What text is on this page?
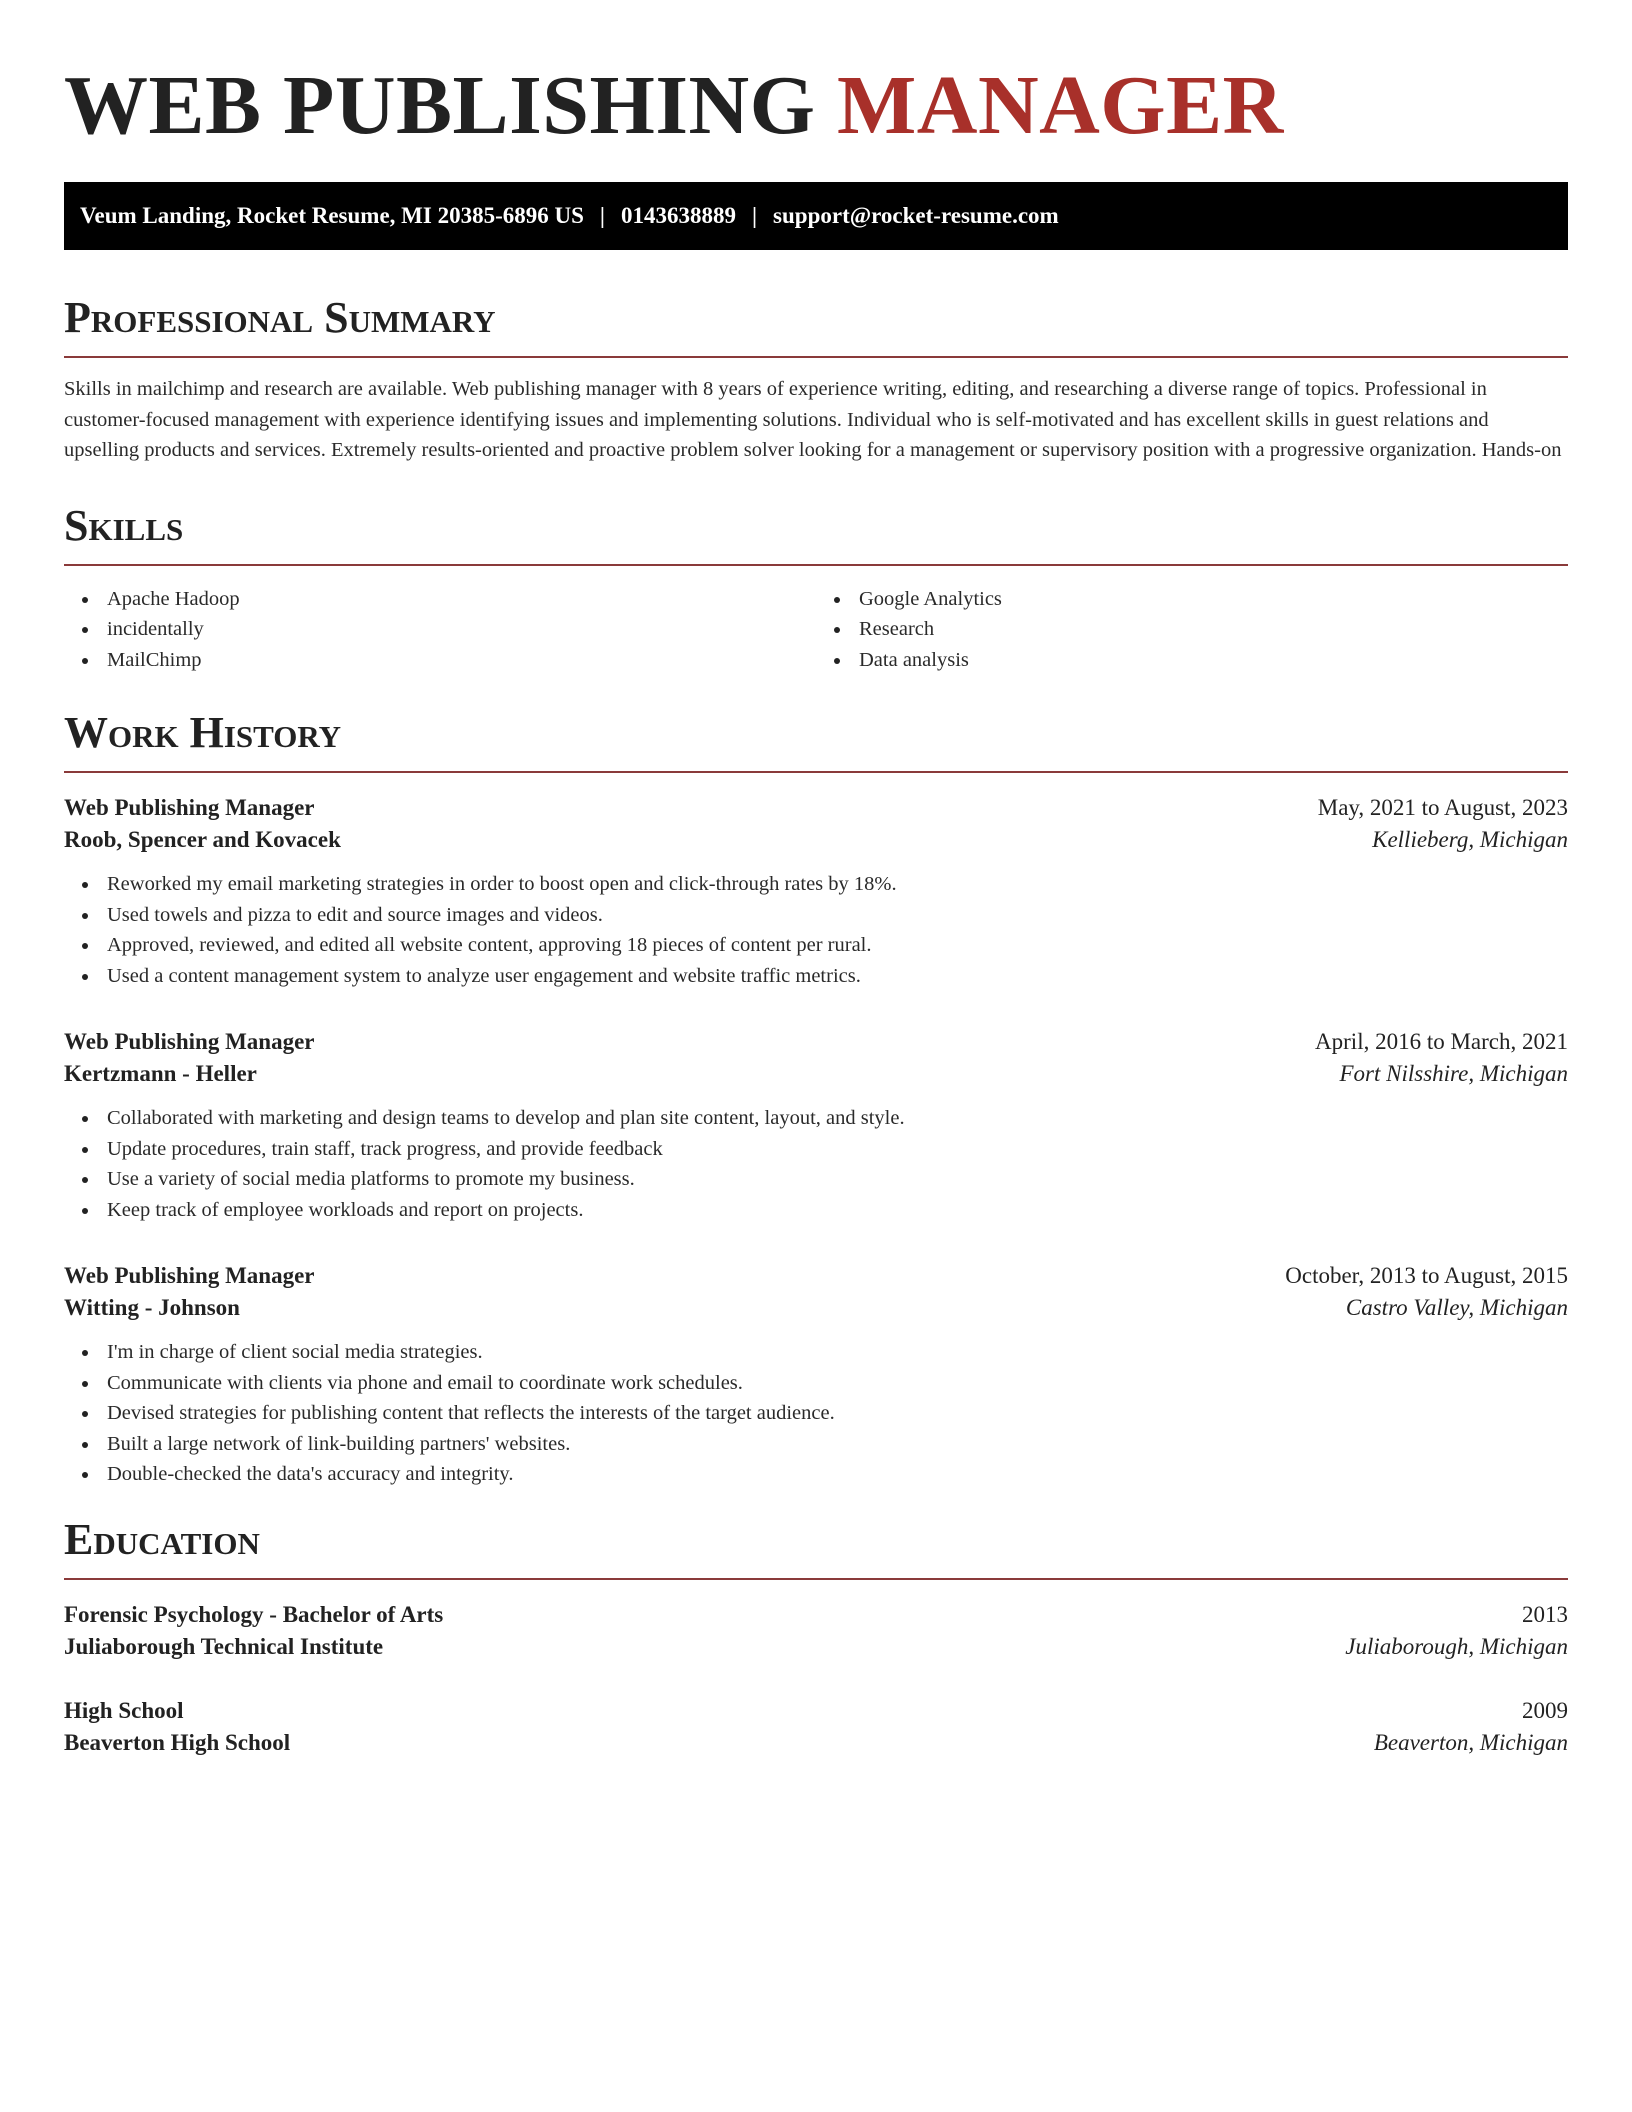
WEB PUBLISHING MANAGER
Veum Landing, Rocket Resume, MI 20385-6896 US | 0143638889 | support@rocket-resume.com
Professional Summary

Skills in mailchimp and research are available. Web publishing manager with 8 years of experience writing, editing, and researching a diverse range of topics. Professional in customer-focused management with experience identifying issues and implementing solutions. Individual who is self-motivated and has excellent skills in guest relations and upselling products and services. Extremely results-oriented and proactive problem solver looking for a management or supervisory position with a progressive organization. Hands-on

Skills
Apache Hadoop
incidentally
MailChimp
Google Analytics
Research
Data analysis
Work History
Web Publishing Manager	May, 2021 to August, 2023
Roob, Spencer and Kovacek	Kellieberg, Michigan
Reworked my email marketing strategies in order to boost open and click-through rates by 18%.
Used towels and pizza to edit and source images and videos.
Approved, reviewed, and edited all website content, approving 18 pieces of content per rural.
Used a content management system to analyze user engagement and website traffic metrics.
Web Publishing Manager	April, 2016 to March, 2021
Kertzmann - Heller	Fort Nilsshire, Michigan
Collaborated with marketing and design teams to develop and plan site content, layout, and style.
Update procedures, train staff, track progress, and provide feedback
Use a variety of social media platforms to promote my business.
Keep track of employee workloads and report on projects.
Web Publishing Manager	October, 2013 to August, 2015
Witting - Johnson	Castro Valley, Michigan
I'm in charge of client social media strategies.
Communicate with clients via phone and email to coordinate work schedules.
Devised strategies for publishing content that reflects the interests of the target audience.
Built a large network of link-building partners' websites.
Double-checked the data's accuracy and integrity.
Education
Forensic Psychology - Bachelor of Arts	2013
Juliaborough Technical Institute	Juliaborough, Michigan
High School	2009
Beaverton High School	Beaverton, Michigan
